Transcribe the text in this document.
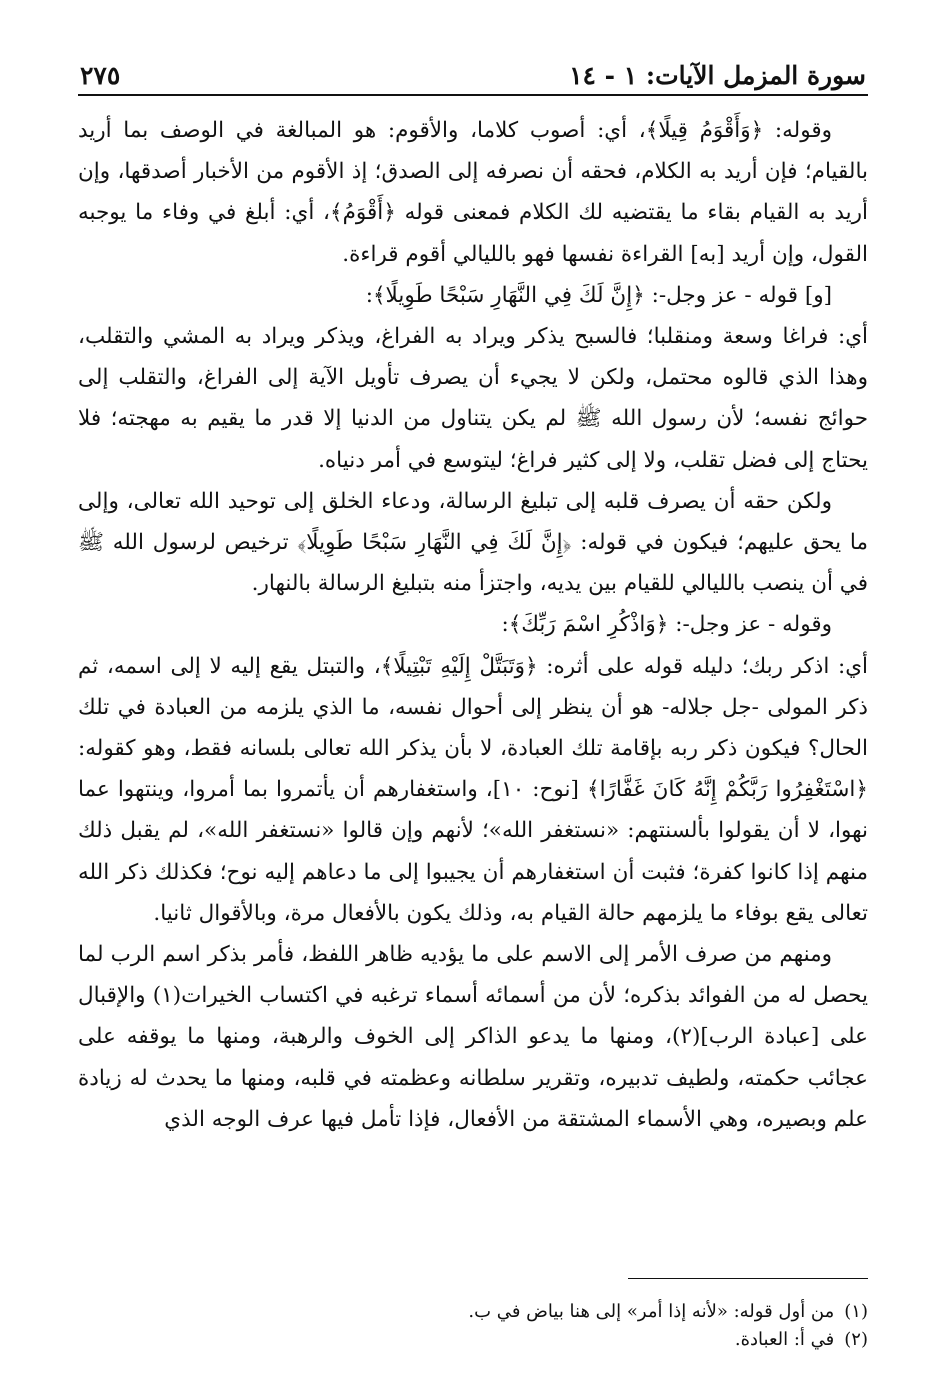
سورة المزمل الآيات: ١ - ١٤
٢٧٥

وقوله: ﴿وَأَقْوَمُ قِيلًا﴾، أي: أصوب كلاما، والأقوم: هو المبالغة في الوصف بما أريد بالقيام؛ فإن أريد به الكلام، فحقه أن نصرفه إلى الصدق؛ إذ الأقوم من الأخبار أصدقها، وإن أريد به القيام بقاء ما يقتضيه لك الكلام فمعنى قوله ﴿أَقْوَمُ﴾، أي: أبلغ في وفاء ما يوجبه القول، وإن أريد [به] القراءة نفسها فهو بالليالي أقوم قراءة.

[و] قوله - عز وجل-: ﴿إِنَّ لَكَ فِي النَّهَارِ سَبْحًا طَوِيلًا﴾:

أي: فراغا وسعة ومنقلبا؛ فالسبح يذكر ويراد به الفراغ، ويذكر ويراد به المشي والتقلب، وهذا الذي قالوه محتمل، ولكن لا يجيء أن يصرف تأويل الآية إلى الفراغ، والتقلب إلى حوائج نفسه؛ لأن رسول الله ﷺ لم يكن يتناول من الدنيا إلا قدر ما يقيم به مهجته؛ فلا يحتاج إلى فضل تقلب، ولا إلى كثير فراغ؛ ليتوسع في أمر دنياه.

ولكن حقه أن يصرف قلبه إلى تبليغ الرسالة، ودعاء الخلق إلى توحيد الله تعالى، وإلى ما يحق عليهم؛ فيكون في قوله: ﴿إِنَّ لَكَ فِي النَّهَارِ سَبْحًا طَوِيلًا﴾ ترخيص لرسول الله ﷺ في أن ينصب بالليالي للقيام بين يديه، واجتزأ منه بتبليغ الرسالة بالنهار.

وقوله - عز وجل-: ﴿وَاذْكُرِ اسْمَ رَبِّكَ﴾:

أي: اذكر ربك؛ دليله قوله على أثره: ﴿وَتَبَتَّلْ إِلَيْهِ تَبْتِيلًا﴾، والتبتل يقع إليه لا إلى اسمه، ثم ذكر المولى -جل جلاله- هو أن ينظر إلى أحوال نفسه، ما الذي يلزمه من العبادة في تلك الحال؟ فيكون ذكر ربه بإقامة تلك العبادة، لا بأن يذكر الله تعالى بلسانه فقط، وهو كقوله: ﴿اسْتَغْفِرُوا رَبَّكُمْ إِنَّهُ كَانَ غَفَّارًا﴾ [نوح: ١٠]، واستغفارهم أن يأتمروا بما أمروا، وينتهوا عما نهوا، لا أن يقولوا بألسنتهم: «نستغفر الله»؛ لأنهم وإن قالوا «نستغفر الله»، لم يقبل ذلك منهم إذا كانوا كفرة؛ فثبت أن استغفارهم أن يجيبوا إلى ما دعاهم إليه نوح؛ فكذلك ذكر الله تعالى يقع بوفاء ما يلزمهم حالة القيام به، وذلك يكون بالأفعال مرة، وبالأقوال ثانيا.

ومنهم من صرف الأمر إلى الاسم على ما يؤديه ظاهر اللفظ، فأمر بذكر اسم الرب لما يحصل له من الفوائد بذكره؛ لأن من أسمائه أسماء ترغبه في اكتساب الخيرات(١) والإقبال على [عبادة الرب](٢)، ومنها ما يدعو الذاكر إلى الخوف والرهبة، ومنها ما يوقفه على عجائب حكمته، ولطيف تدبيره، وتقرير سلطانه وعظمته في قلبه، ومنها ما يحدث له زيادة علم وبصيره، وهي الأسماء المشتقة من الأفعال، فإذا تأمل فيها عرف الوجه الذي

(١)
من أول قوله: «لأنه إذا أمر» إلى هنا بياض في ب.
(٢)
في أ: العبادة.
